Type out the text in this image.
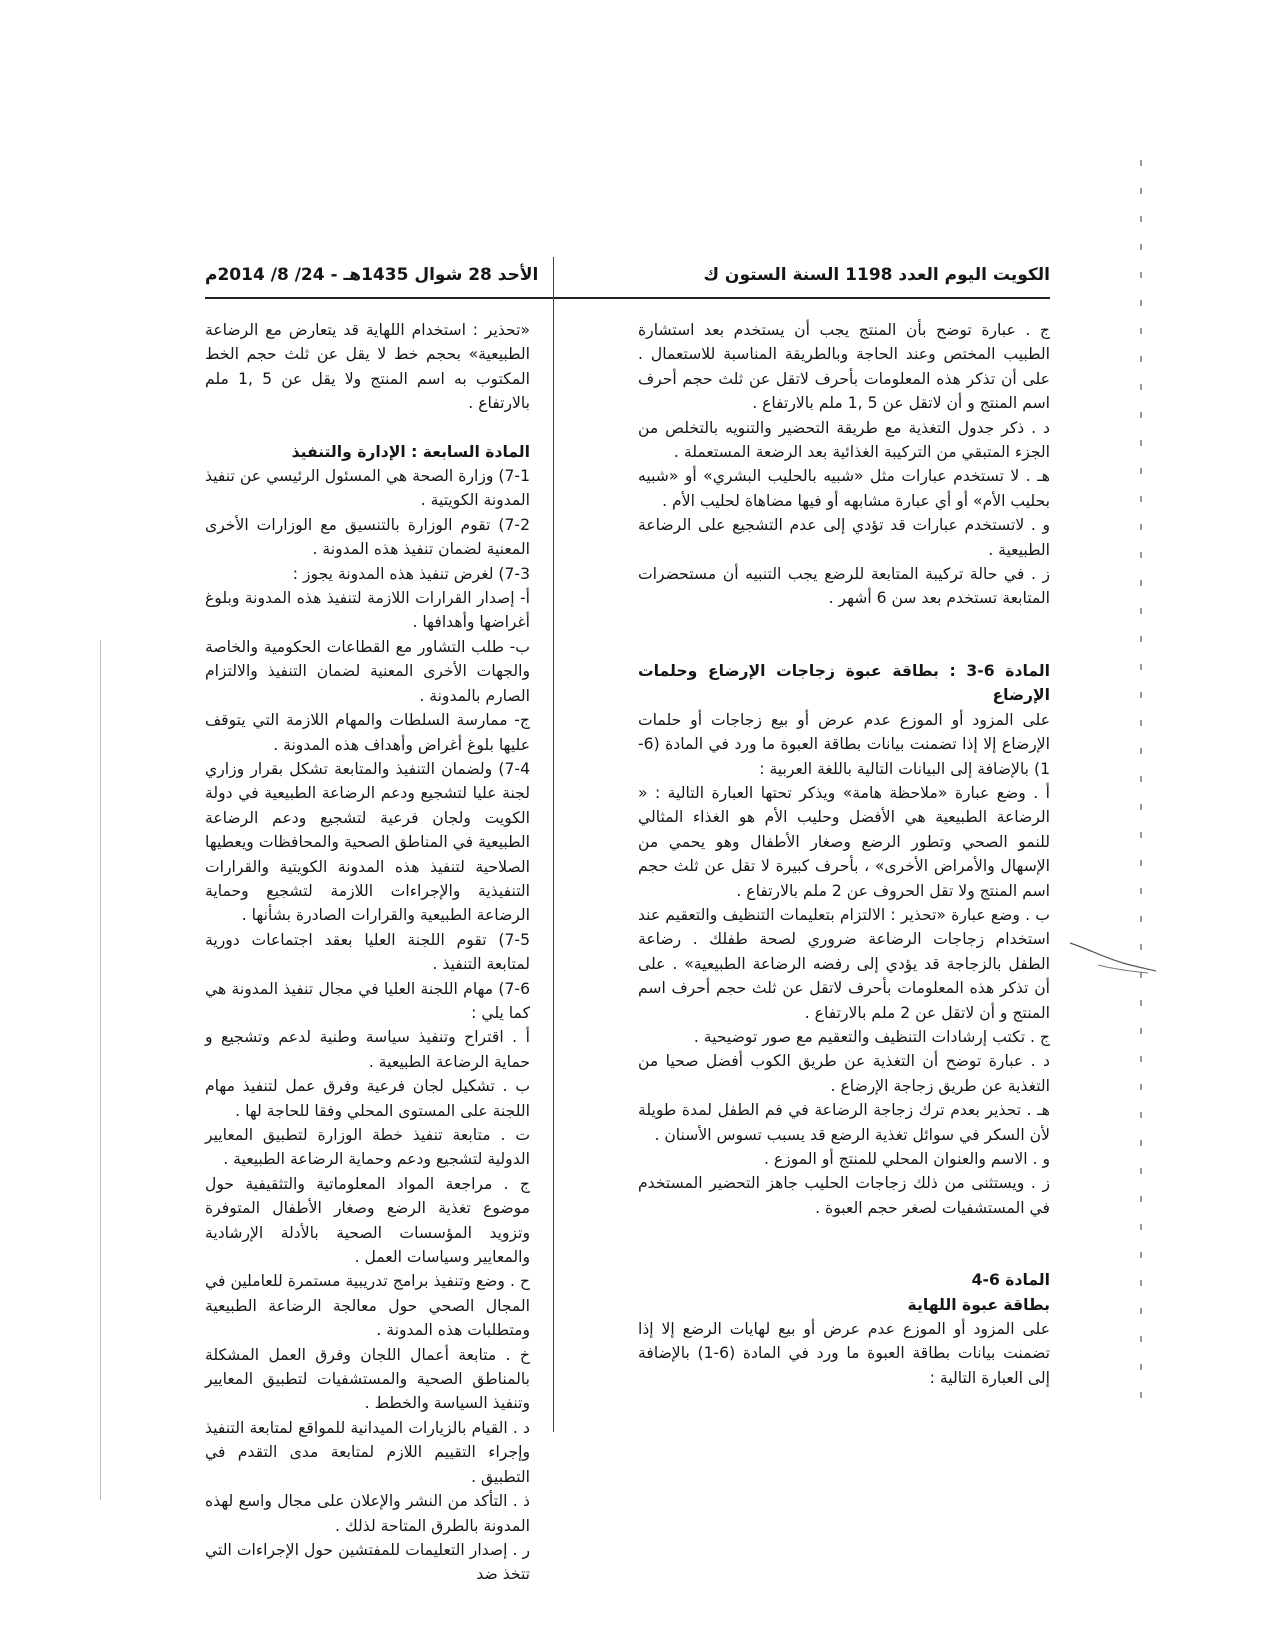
الكويت اليوم العدد 1198 السنة الستون ك
الأحد 28 شوال 1435هـ - 24/ 8/ 2014م

ج . عبارة توضح بأن المنتج يجب أن يستخدم بعد استشارة الطبيب المختص وعند الحاجة وبالطريقة المناسبة للاستعمال . على أن تذكر هذه المعلومات بأحرف لاتقل عن ثلث حجم أحرف اسم المنتج و أن لاتقل عن 5 ,1 ملم بالارتفاع .

د . ذكر جدول التغذية مع طريقة التحضير والتنويه بالتخلص من الجزء المتبقي من التركيبة الغذائية بعد الرضعة المستعملة .

هـ . لا تستخدم عبارات مثل «شبيه بالحليب البشري» أو «شبيه بحليب الأم» أو أي عبارة مشابهه أو فيها مضاهاة لحليب الأم .

و . لاتستخدم عبارات قد تؤدي إلى عدم التشجيع على الرضاعة الطبيعية .

ز . في حالة تركيبة المتابعة للرضع يجب التنبيه أن مستحضرات المتابعة تستخدم بعد سن 6 أشهر .

المادة 6-3 : بطاقة عبوة زجاجات الإرضاع وحلمات الإرضاع

على المزود أو الموزع عدم عرض أو بيع زجاجات أو حلمات الإرضاع إلا إذا تضمنت بيانات بطاقة العبوة ما ورد في المادة (6-1) بالإضافة إلى البيانات التالية باللغة العربية :

أ . وضع عبارة «ملاحظة هامة» ويذكر تحتها العبارة التالية : « الرضاعة الطبيعية هي الأفضل وحليب الأم هو الغذاء المثالي للنمو الصحي وتطور الرضع وصغار الأطفال وهو يحمي من الإسهال والأمراض الأخرى» ، بأحرف كبيرة لا تقل عن ثلث حجم اسم المنتج ولا تقل الحروف عن 2 ملم بالارتفاع .

ب . وضع عبارة «تحذير : الالتزام بتعليمات التنظيف والتعقيم عند استخدام زجاجات الرضاعة ضروري لصحة طفلك . رضاعة الطفل بالزجاجة قد يؤدي إلى رفضه الرضاعة الطبيعية» . على أن تذكر هذه المعلومات بأحرف لاتقل عن ثلث حجم أحرف اسم المنتج و أن لاتقل عن 2 ملم بالارتفاع .

ج . تكتب إرشادات التنظيف والتعقيم مع صور توضيحية .

د . عبارة توضح أن التغذية عن طريق الكوب أفضل صحيا من التغذية عن طريق زجاجة الإرضاع .

هـ . تحذير بعدم ترك زجاجة الرضاعة في فم الطفل لمدة طويلة لأن السكر في سوائل تغذية الرضع قد يسبب تسوس الأسنان .

و . الاسم والعنوان المحلي للمنتج أو الموزع .

ز . ويستثنى من ذلك زجاجات الحليب جاهز التحضير المستخدم في المستشفيات لصغر حجم العبوة .

المادة 6-4

بطاقة عبوة اللهاية

على المزود أو الموزع عدم عرض أو بيع لهايات الرضع إلا إذا تضمنت بيانات بطاقة العبوة ما ورد في المادة (6-1) بالإضافة إلى العبارة التالية :

«تحذير : استخدام اللهاية قد يتعارض مع الرضاعة الطبيعية» بحجم خط لا يقل عن ثلث حجم الخط المكتوب به اسم المنتج ولا يقل عن 5 ,1 ملم بالارتفاع .

المادة السابعة : الإدارة والتنفيذ

7-1) وزارة الصحة هي المسئول الرئيسي عن تنفيذ المدونة الكويتية .

7-2) تقوم الوزارة بالتنسيق مع الوزارات الأخرى المعنية لضمان تنفيذ هذه المدونة .

7-3) لغرض تنفيذ هذه المدونة يجوز :

أ- إصدار القرارات اللازمة لتنفيذ هذه المدونة وبلوغ أغراضها وأهدافها .

ب- طلب التشاور مع القطاعات الحكومية والخاصة والجهات الأخرى المعنية لضمان التنفيذ والالتزام الصارم بالمدونة .

ج- ممارسة السلطات والمهام اللازمة التي يتوقف عليها بلوغ أغراض وأهداف هذه المدونة .

7-4) ولضمان التنفيذ والمتابعة تشكل بقرار وزاري لجنة عليا لتشجيع ودعم الرضاعة الطبيعية في دولة الكويت ولجان فرعية لتشجيع ودعم الرضاعة الطبيعية في المناطق الصحية والمحافظات ويعطيها الصلاحية لتنفيذ هذه المدونة الكويتية والقرارات التنفيذية والإجراءات اللازمة لتشجيع وحماية الرضاعة الطبيعية والقرارات الصادرة بشأنها .

7-5) تقوم اللجنة العليا بعقد اجتماعات دورية لمتابعة التنفيذ .

7-6) مهام اللجنة العليا في مجال تنفيذ المدونة هي كما يلي :

أ . اقتراح وتنفيذ سياسة وطنية لدعم وتشجيع و حماية الرضاعة الطبيعية .

ب . تشكيل لجان فرعية وفرق عمل لتنفيذ مهام اللجنة على المستوى المحلي وفقا للحاجة لها .

ت . متابعة تنفيذ خطة الوزارة لتطبيق المعايير الدولية لتشجيع ودعم وحماية الرضاعة الطبيعية .

ج . مراجعة المواد المعلوماتية والتثقيفية حول موضوع تغذية الرضع وصغار الأطفال المتوفرة وتزويد المؤسسات الصحية بالأدلة الإرشادية والمعايير وسياسات العمل .

ح . وضع وتنفيذ برامج تدريبية مستمرة للعاملين في المجال الصحي حول معالجة الرضاعة الطبيعية ومتطلبات هذه المدونة .

خ . متابعة أعمال اللجان وفرق العمل المشكلة بالمناطق الصحية والمستشفيات لتطبيق المعايير وتنفيذ السياسة والخطط .

د . القيام بالزيارات الميدانية للمواقع لمتابعة التنفيذ وإجراء التقييم اللازم لمتابعة مدى التقدم في التطبيق .

ذ . التأكد من النشر والإعلان على مجال واسع لهذه المدونة بالطرق المتاحة لذلك .

ر . إصدار التعليمات للمفتشين حول الإجراءات التي تتخذ ضد
